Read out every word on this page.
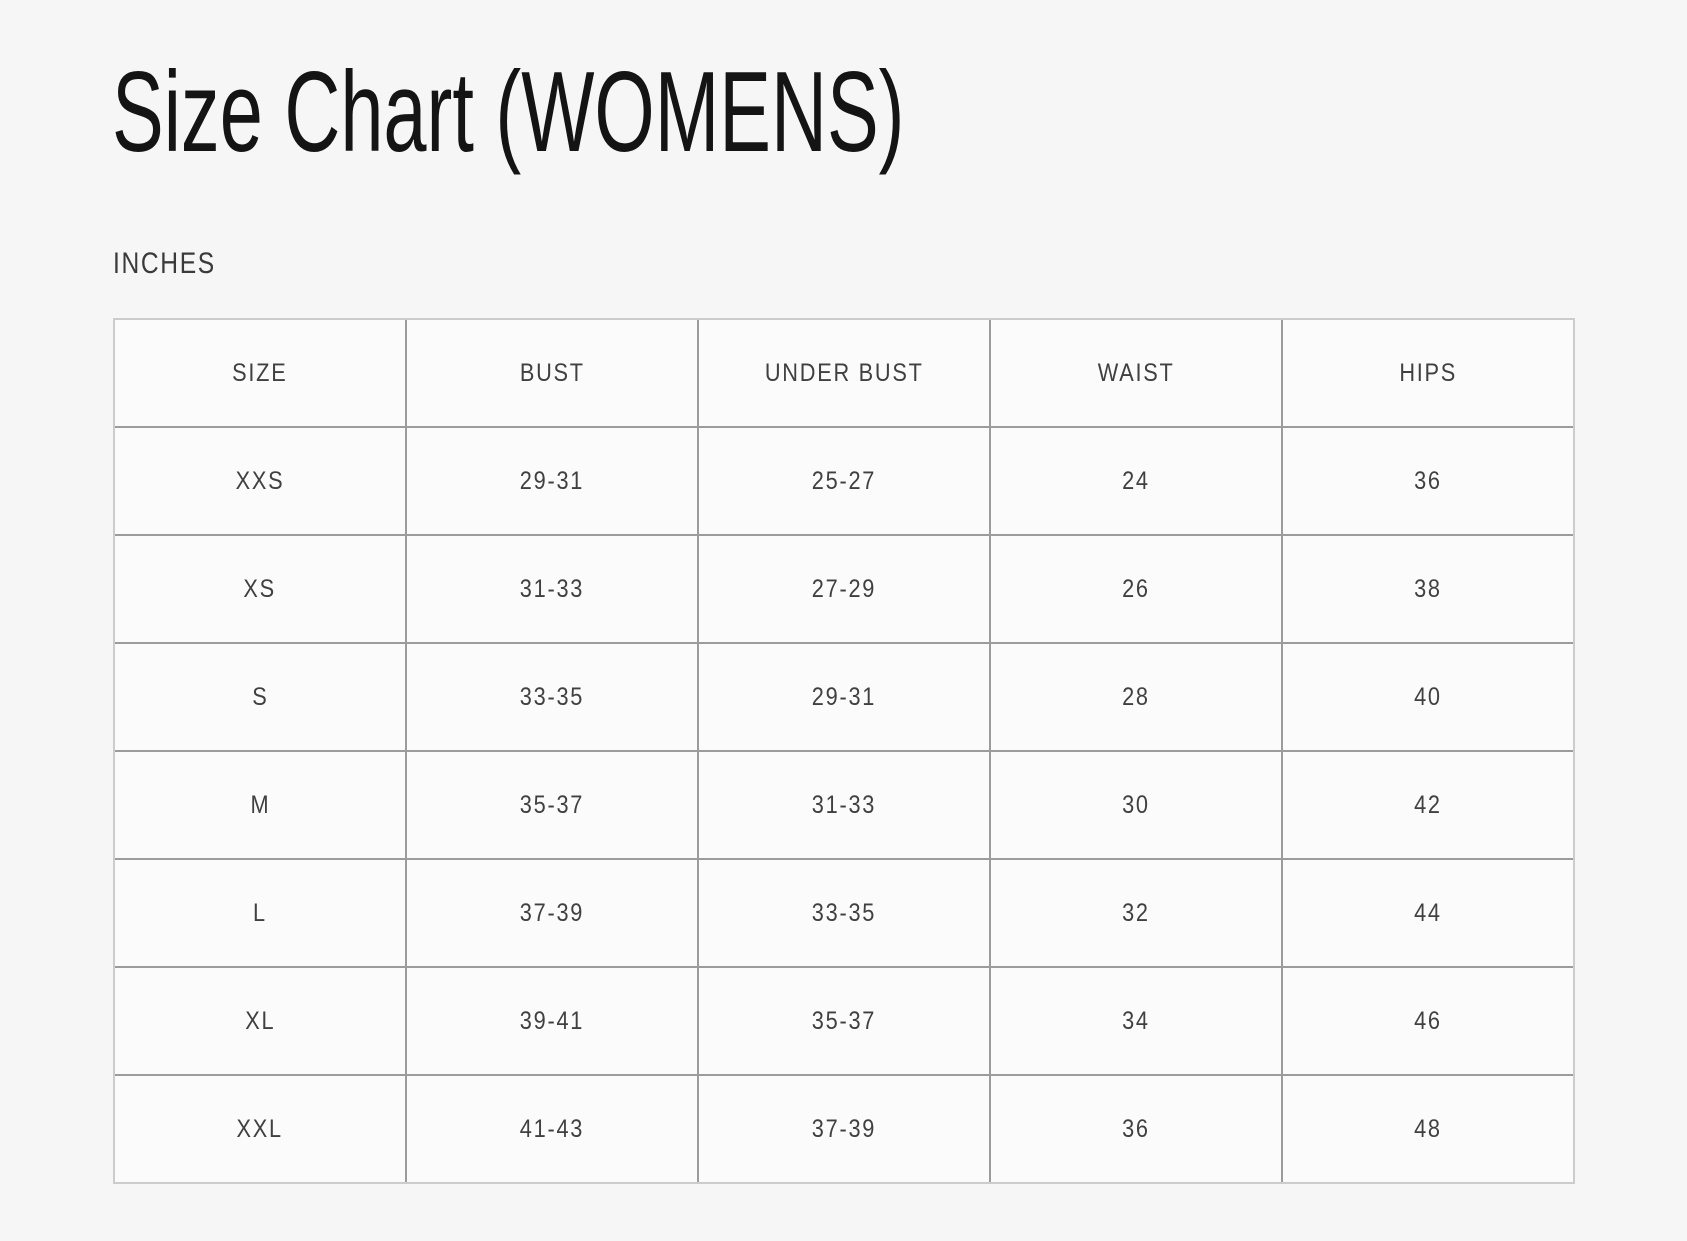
Size Chart (WOMENS)
INCHES
SIZE	BUST	UNDER BUST	WAIST	HIPS
XXS	29-31	25-27	24	36
XS	31-33	27-29	26	38
S	33-35	29-31	28	40
M	35-37	31-33	30	42
L	37-39	33-35	32	44
XL	39-41	35-37	34	46
XXL	41-43	37-39	36	48
